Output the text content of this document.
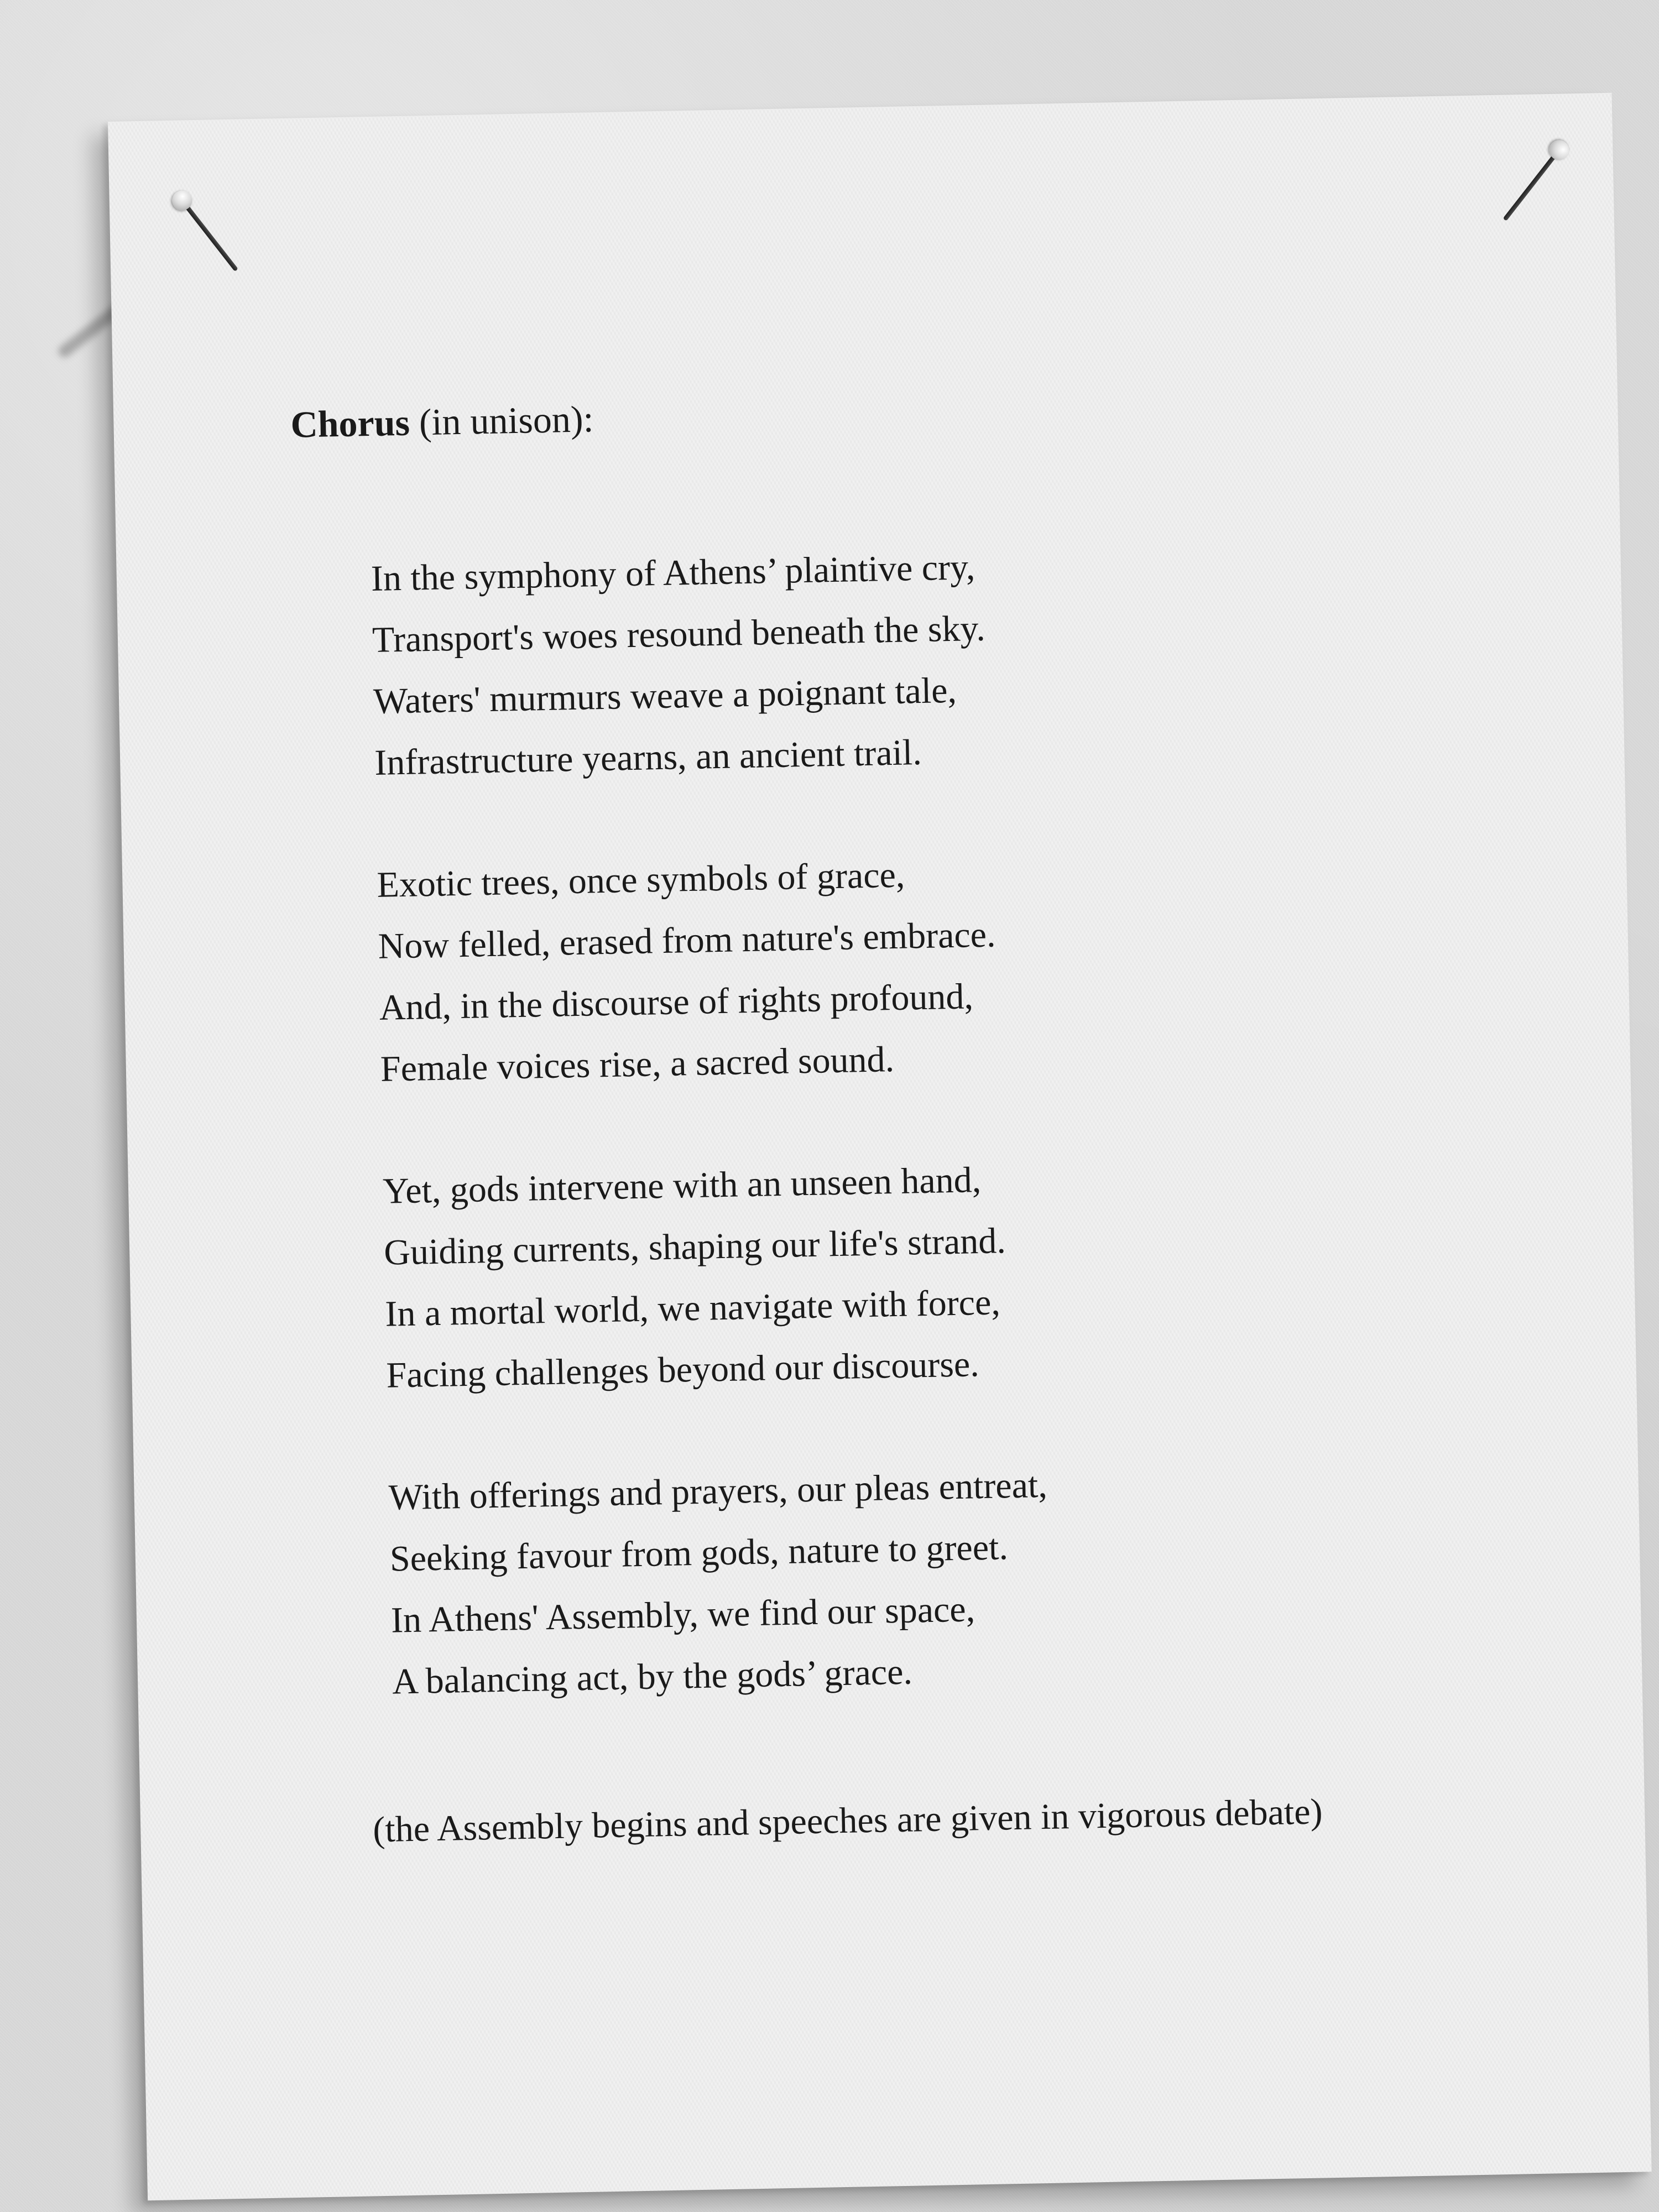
Chorus (in unison):
In the symphony of Athens’ plaintive cry,
Transport's woes resound beneath the sky.
Waters' murmurs weave a poignant tale,
Infrastructure yearns, an ancient trail.
Exotic trees, once symbols of grace,
Now felled, erased from nature's embrace.
And, in the discourse of rights profound,
Female voices rise, a sacred sound.
Yet, gods intervene with an unseen hand,
Guiding currents, shaping our life's strand.
In a mortal world, we navigate with force,
Facing challenges beyond our discourse.
With offerings and prayers, our pleas entreat,
Seeking favour from gods, nature to greet.
In Athens' Assembly, we find our space,
A balancing act, by the gods’ grace.
(the Assembly begins and speeches are given in vigorous debate)
